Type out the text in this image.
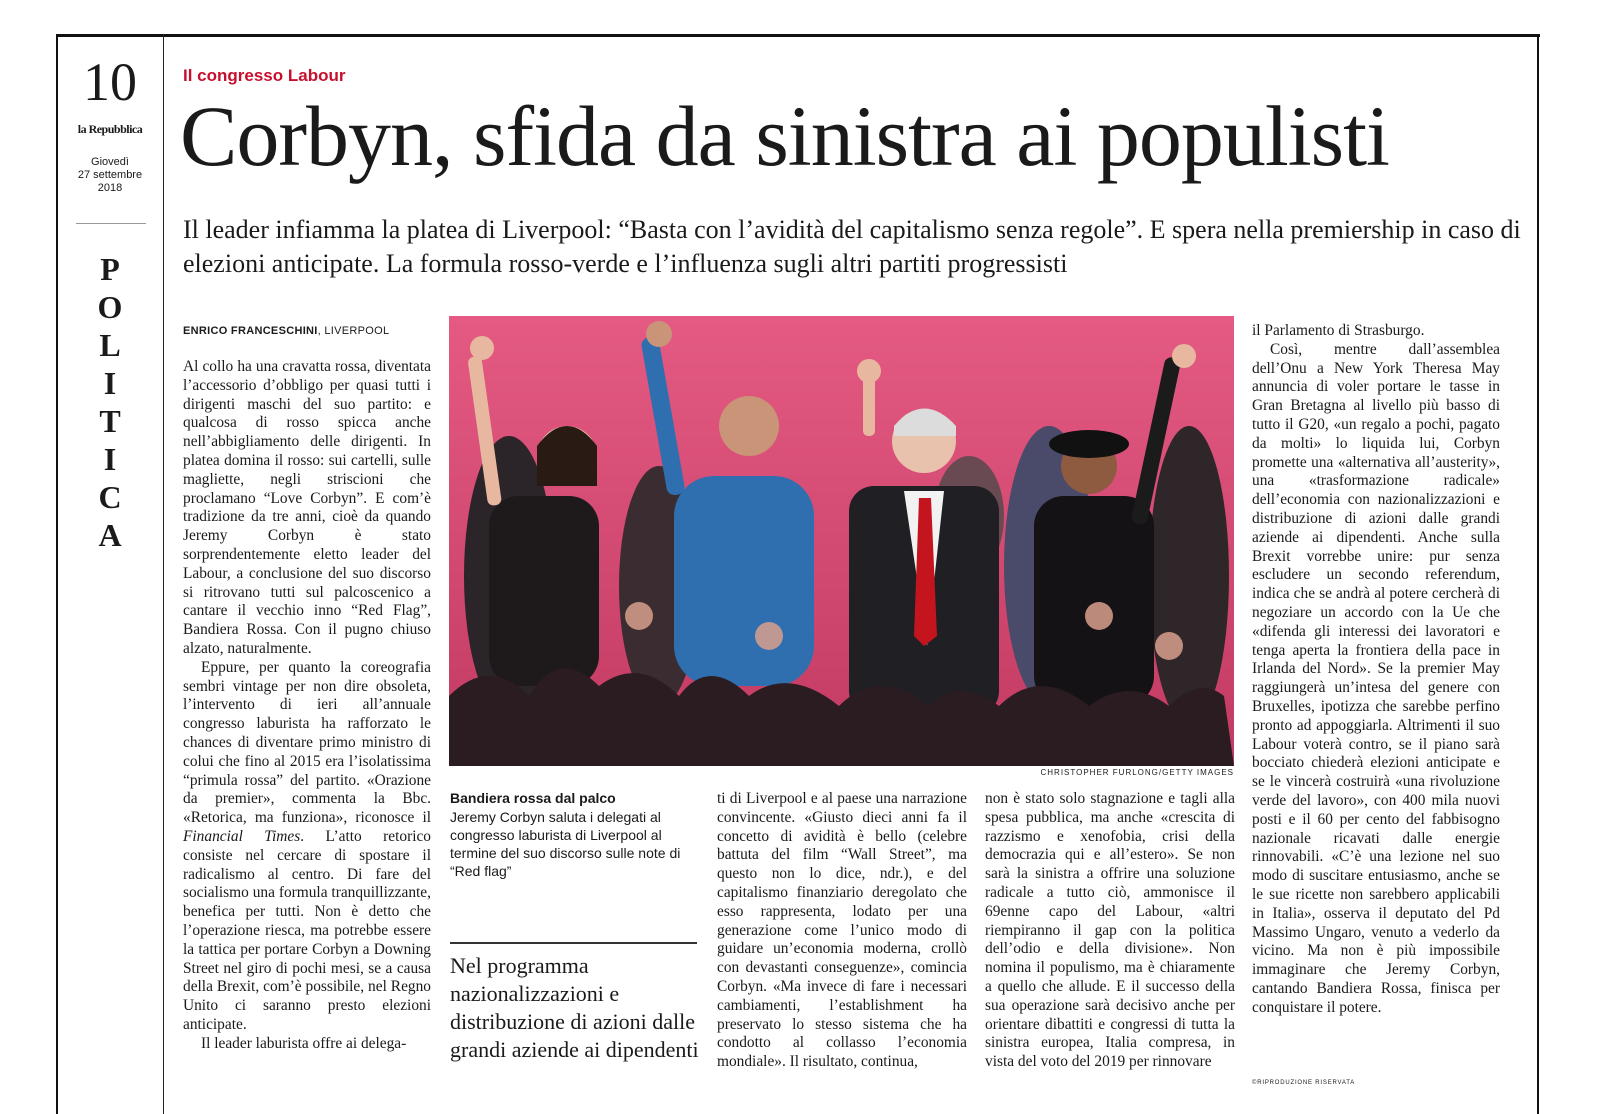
10
la Repubblica
Giovedì
27 settembre
2018
P
O
L
I
T
I
C
A
Il congresso Labour
Corbyn, sfida da sinistra ai populisti
Il leader infiamma la platea di Liverpool: “Basta con l’avidità del capitalismo senza regole”. E spera nella premiership in caso di elezioni anticipate. La formula rosso-verde e l’influenza sugli altri partiti progressisti
ENRICO FRANCESCHINI, LIVERPOOL

Al collo ha una cravatta rossa, diventata l’accessorio d’obbligo per quasi tutti i dirigenti maschi del suo partito: e qualcosa di rosso spicca anche nell’abbigliamento delle dirigenti. In platea domina il rosso: sui cartelli, sulle magliette, negli striscioni che proclamano “Love Corbyn”. E com’è tradizione da tre anni, cioè da quando Jeremy Corbyn è stato sorprendentemente eletto leader del Labour, a conclusione del suo discorso si ritrovano tutti sul palcoscenico a cantare il vecchio inno “Red Flag”, Bandiera Rossa. Con il pugno chiuso alzato, naturalmente.

Eppure, per quanto la coreografia sembri vintage per non dire obsoleta, l’intervento di ieri all’annuale congresso laburista ha rafforzato le chances di diventare primo ministro di colui che fino al 2015 era l’isolatissima “primula rossa” del partito. «Orazione da premier», commenta la Bbc. «Retorica, ma funziona», riconosce il Financial Times. L’atto retorico consiste nel cercare di spostare il radicalismo al centro. Di fare del socialismo una formula tranquillizzante, benefica per tutti. Non è detto che l’operazione riesca, ma potrebbe essere la tattica per portare Corbyn a Downing Street nel giro di pochi mesi, se a causa della Brexit, com’è possibile, nel Regno Unito ci saranno presto elezioni anticipate.

Il leader laburista offre ai delega-

CHRISTOPHER FURLONG/GETTY IMAGES
Bandiera rossa dal palco
Jeremy Corbyn saluta i delegati al congresso laburista di Liverpool al termine del suo discorso sulle note di “Red flag”
Nel programma nazionalizzazioni e distribuzione di azioni dalle grandi aziende ai dipendenti

ti di Liverpool e al paese una narrazione convincente. «Giusto dieci anni fa il concetto di avidità è bello (celebre battuta del film “Wall Street”, ma questo non lo dice, ndr.), e del capitalismo finanziario deregolato che esso rappresenta, lodato per una generazione come l’unico modo di guidare un’economia moderna, crollò con devastanti conseguenze», comincia Corbyn. «Ma invece di fare i necessari cambiamenti, l’establishment ha preservato lo stesso sistema che ha condotto al collasso l’economia mondiale». Il risultato, continua,

non è stato solo stagnazione e tagli alla spesa pubblica, ma anche «crescita di razzismo e xenofobia, crisi della democrazia qui e all’estero». Se non sarà la sinistra a offrire una soluzione radicale a tutto ciò, ammonisce il 69enne capo del Labour, «altri riempiranno il gap con la politica dell’odio e della divisione». Non nomina il populismo, ma è chiaramente a quello che allude. E il successo della sua operazione sarà decisivo anche per orientare dibattiti e congressi di tutta la sinistra europea, Italia compresa, in vista del voto del 2019 per rinnovare

il Parlamento di Strasburgo.

Così, mentre dall’assemblea dell’Onu a New York Theresa May annuncia di voler portare le tasse in Gran Bretagna al livello più basso di tutto il G20, «un regalo a pochi, pagato da molti» lo liquida lui, Corbyn promette una «alternativa all’austerity», una «trasformazione radicale» dell’economia con nazionalizzazioni e distribuzione di azioni dalle grandi aziende ai dipendenti. Anche sulla Brexit vorrebbe unire: pur senza escludere un secondo referendum, indica che se andrà al potere cercherà di negoziare un accordo con la Ue che «difenda gli interessi dei lavoratori e tenga aperta la frontiera della pace in Irlanda del Nord». Se la premier May raggiungerà un’intesa del genere con Bruxelles, ipotizza che sarebbe perfino pronto ad appoggiarla. Altrimenti il suo Labour voterà contro, se il piano sarà bocciato chiederà elezioni anticipate e se le vincerà costruirà «una rivoluzione verde del lavoro», con 400 mila nuovi posti e il 60 per cento del fabbisogno nazionale ricavati dalle energie rinnovabili. «C’è una lezione nel suo modo di suscitare entusiasmo, anche se le sue ricette non sarebbero applicabili in Italia», osserva il deputato del Pd Massimo Ungaro, venuto a vederlo da vicino. Ma non è più impossibile immaginare che Jeremy Corbyn, cantando Bandiera Rossa, finisca per conquistare il potere.

©RIPRODUZIONE RISERVATA
